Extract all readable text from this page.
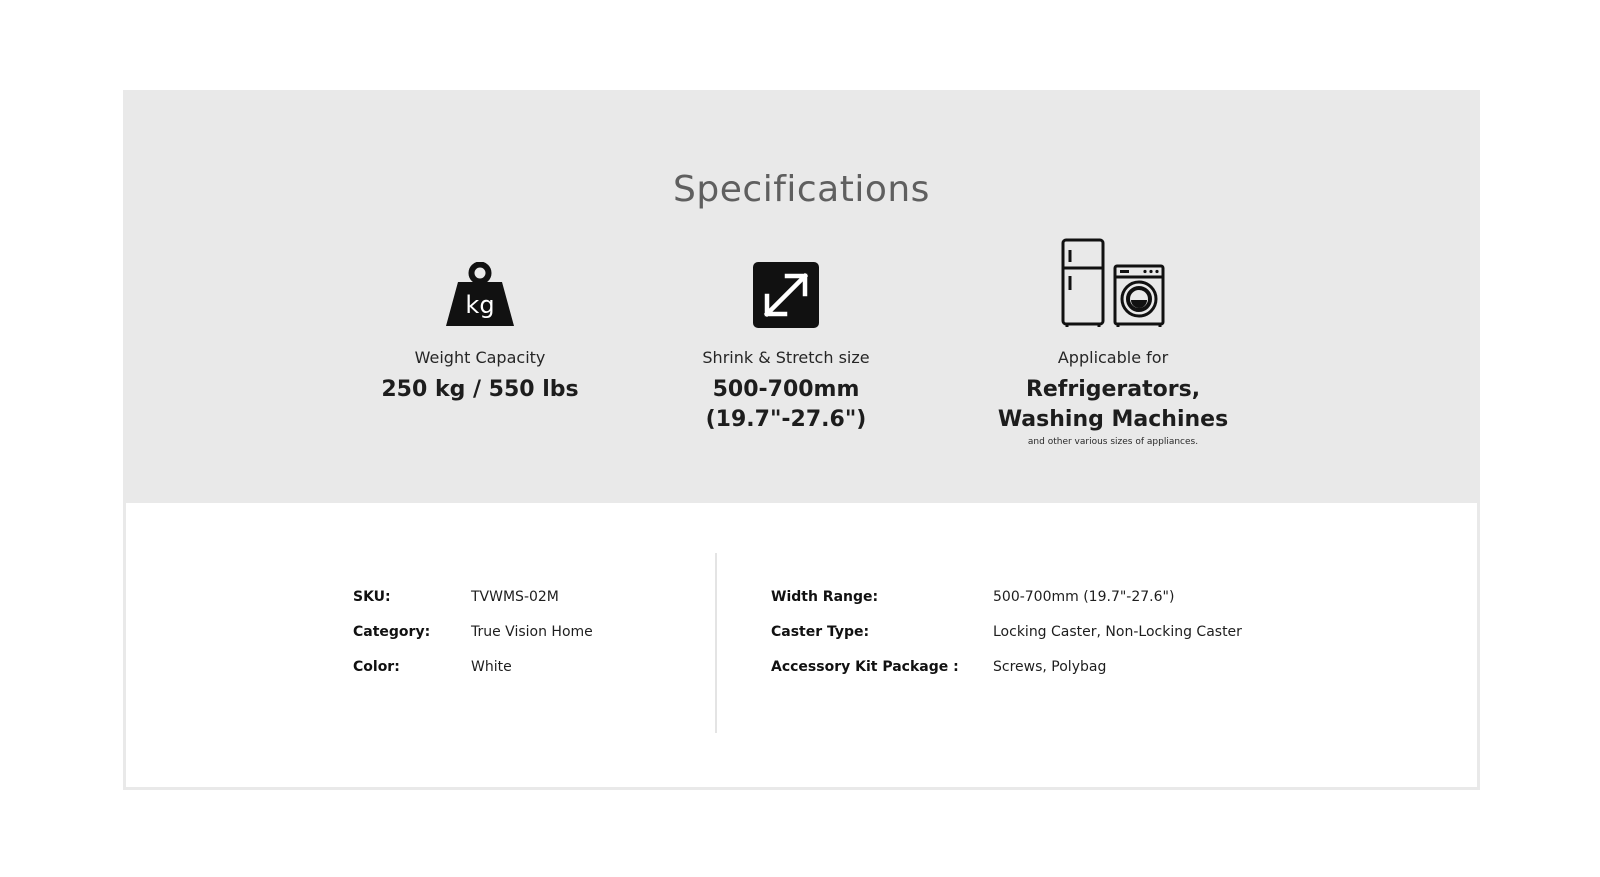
Specifications
kg
Weight Capacity
250 kg / 550 lbs
Shrink & Stretch size
500-700mm
(19.7"-27.6")
Applicable for
Refrigerators,
Washing Machines
and other various sizes of appliances.
SKU:	TVWMS-02M
Category:	True Vision Home
Color:	White
Width Range:	500-700mm (19.7"-27.6")
Caster Type:	Locking Caster, Non-Locking Caster
Accessory Kit Package :	Screws, Polybag
